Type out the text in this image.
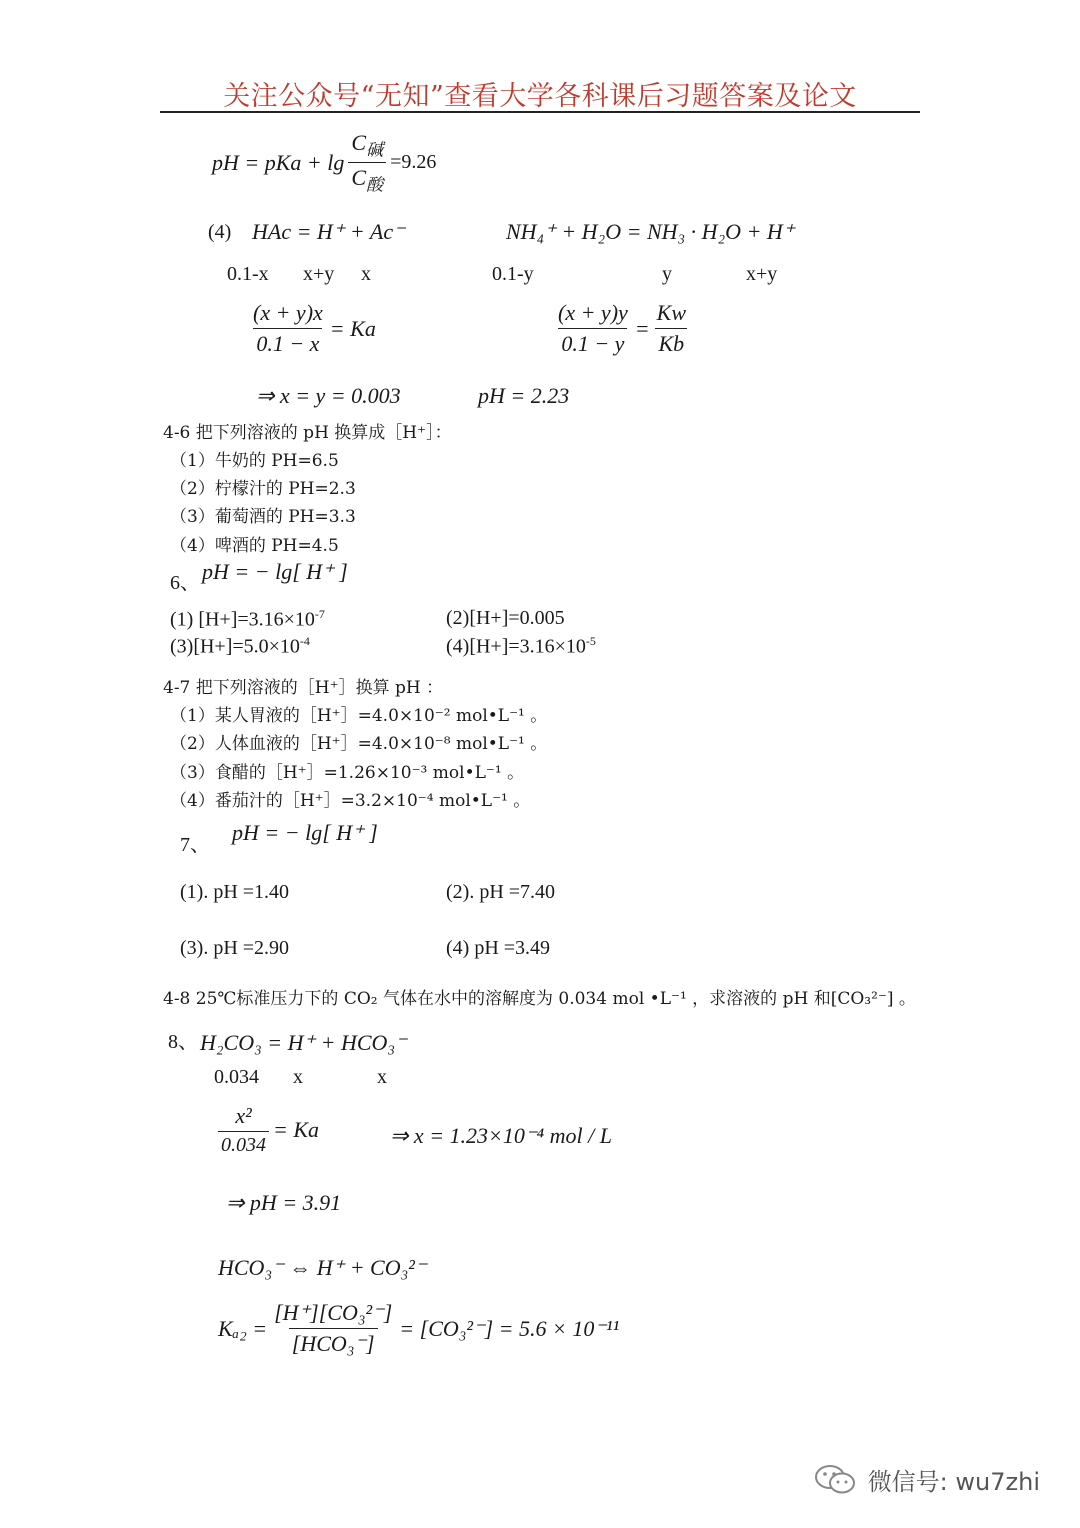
关注公众号“无知”查看大学各科课后习题答案及论文
pH = pKa + $\lg \frac{C_碱}{C_酸} =9.26$
(4) HAc = H⁺ + Ac⁻	NH₄⁺ + H₂O = NH₃ · H₂O + H⁺
0.1-x x+y x	0.1-y	y	x+y
$\frac{(x + y)x}{0.1 - x} = Ka$	$\frac{(x + y)y}{0.1 - y} = \frac{Kw}{Kb}$
⇒ x = y = 0.003	pH = 2.23
4-6 把下列溶液的 pH 换算成［H⁺］：
（1）牛奶的 PH=6.5
（2）柠檬汁的 PH=2.3
（3）葡萄酒的 PH=3.3
（4）啤酒的 PH=4.5
6、 pH = − lg[ H⁺ ]
(1) $[H+]=3.16\times 10^{-7}$	(2)[H+]=0.005
$(3)[H+]=5.0\times 10^{-4}$	$(4)[H+]=3.16\times 10^{-5}$
4-7 把下列溶液的［H⁺］换算 pH ：
（1）某人胃液的［H⁺］=4.0×10⁻² mol•L⁻¹ 。
（2）人体血液的［H⁺］=4.0×10⁻⁸ mol•L⁻¹ 。
（3）食醋的［H⁺］=1.26×10⁻³ mol•L⁻¹ 。
（4）番茄汁的［H⁺］=3.2×10⁻⁴ mol•L⁻¹ 。
7、 pH = − lg[ H⁺ ]
(1). pH =1.40	(2). pH =7.40
(3). pH =2.90	(4) pH =3.49
4-8 25℃标准压力下的 CO₂ 气体在水中的溶解度为 0.034 mol •L⁻¹ ，求溶液的 pH 和[CO₃²⁻] 。
8、 H₂CO₃ = H⁺ + HCO₃⁻
0.034 x	x
$\frac{\text{x²}}{0.034} = Ka$	⇒ x = 1.23×10⁻⁴ mol / L
⇒ pH = 3.91
HCO₃⁻ ⇔ H⁺ + CO₃²⁻
$K_{a2} = \frac{\text{[H⁺][CO₃²⁻]}}{\text{[HCO₃⁻]}} = [CO_3^{2-}] = 5.6 \times 10^{-11}$
微信号: wu7zhi
